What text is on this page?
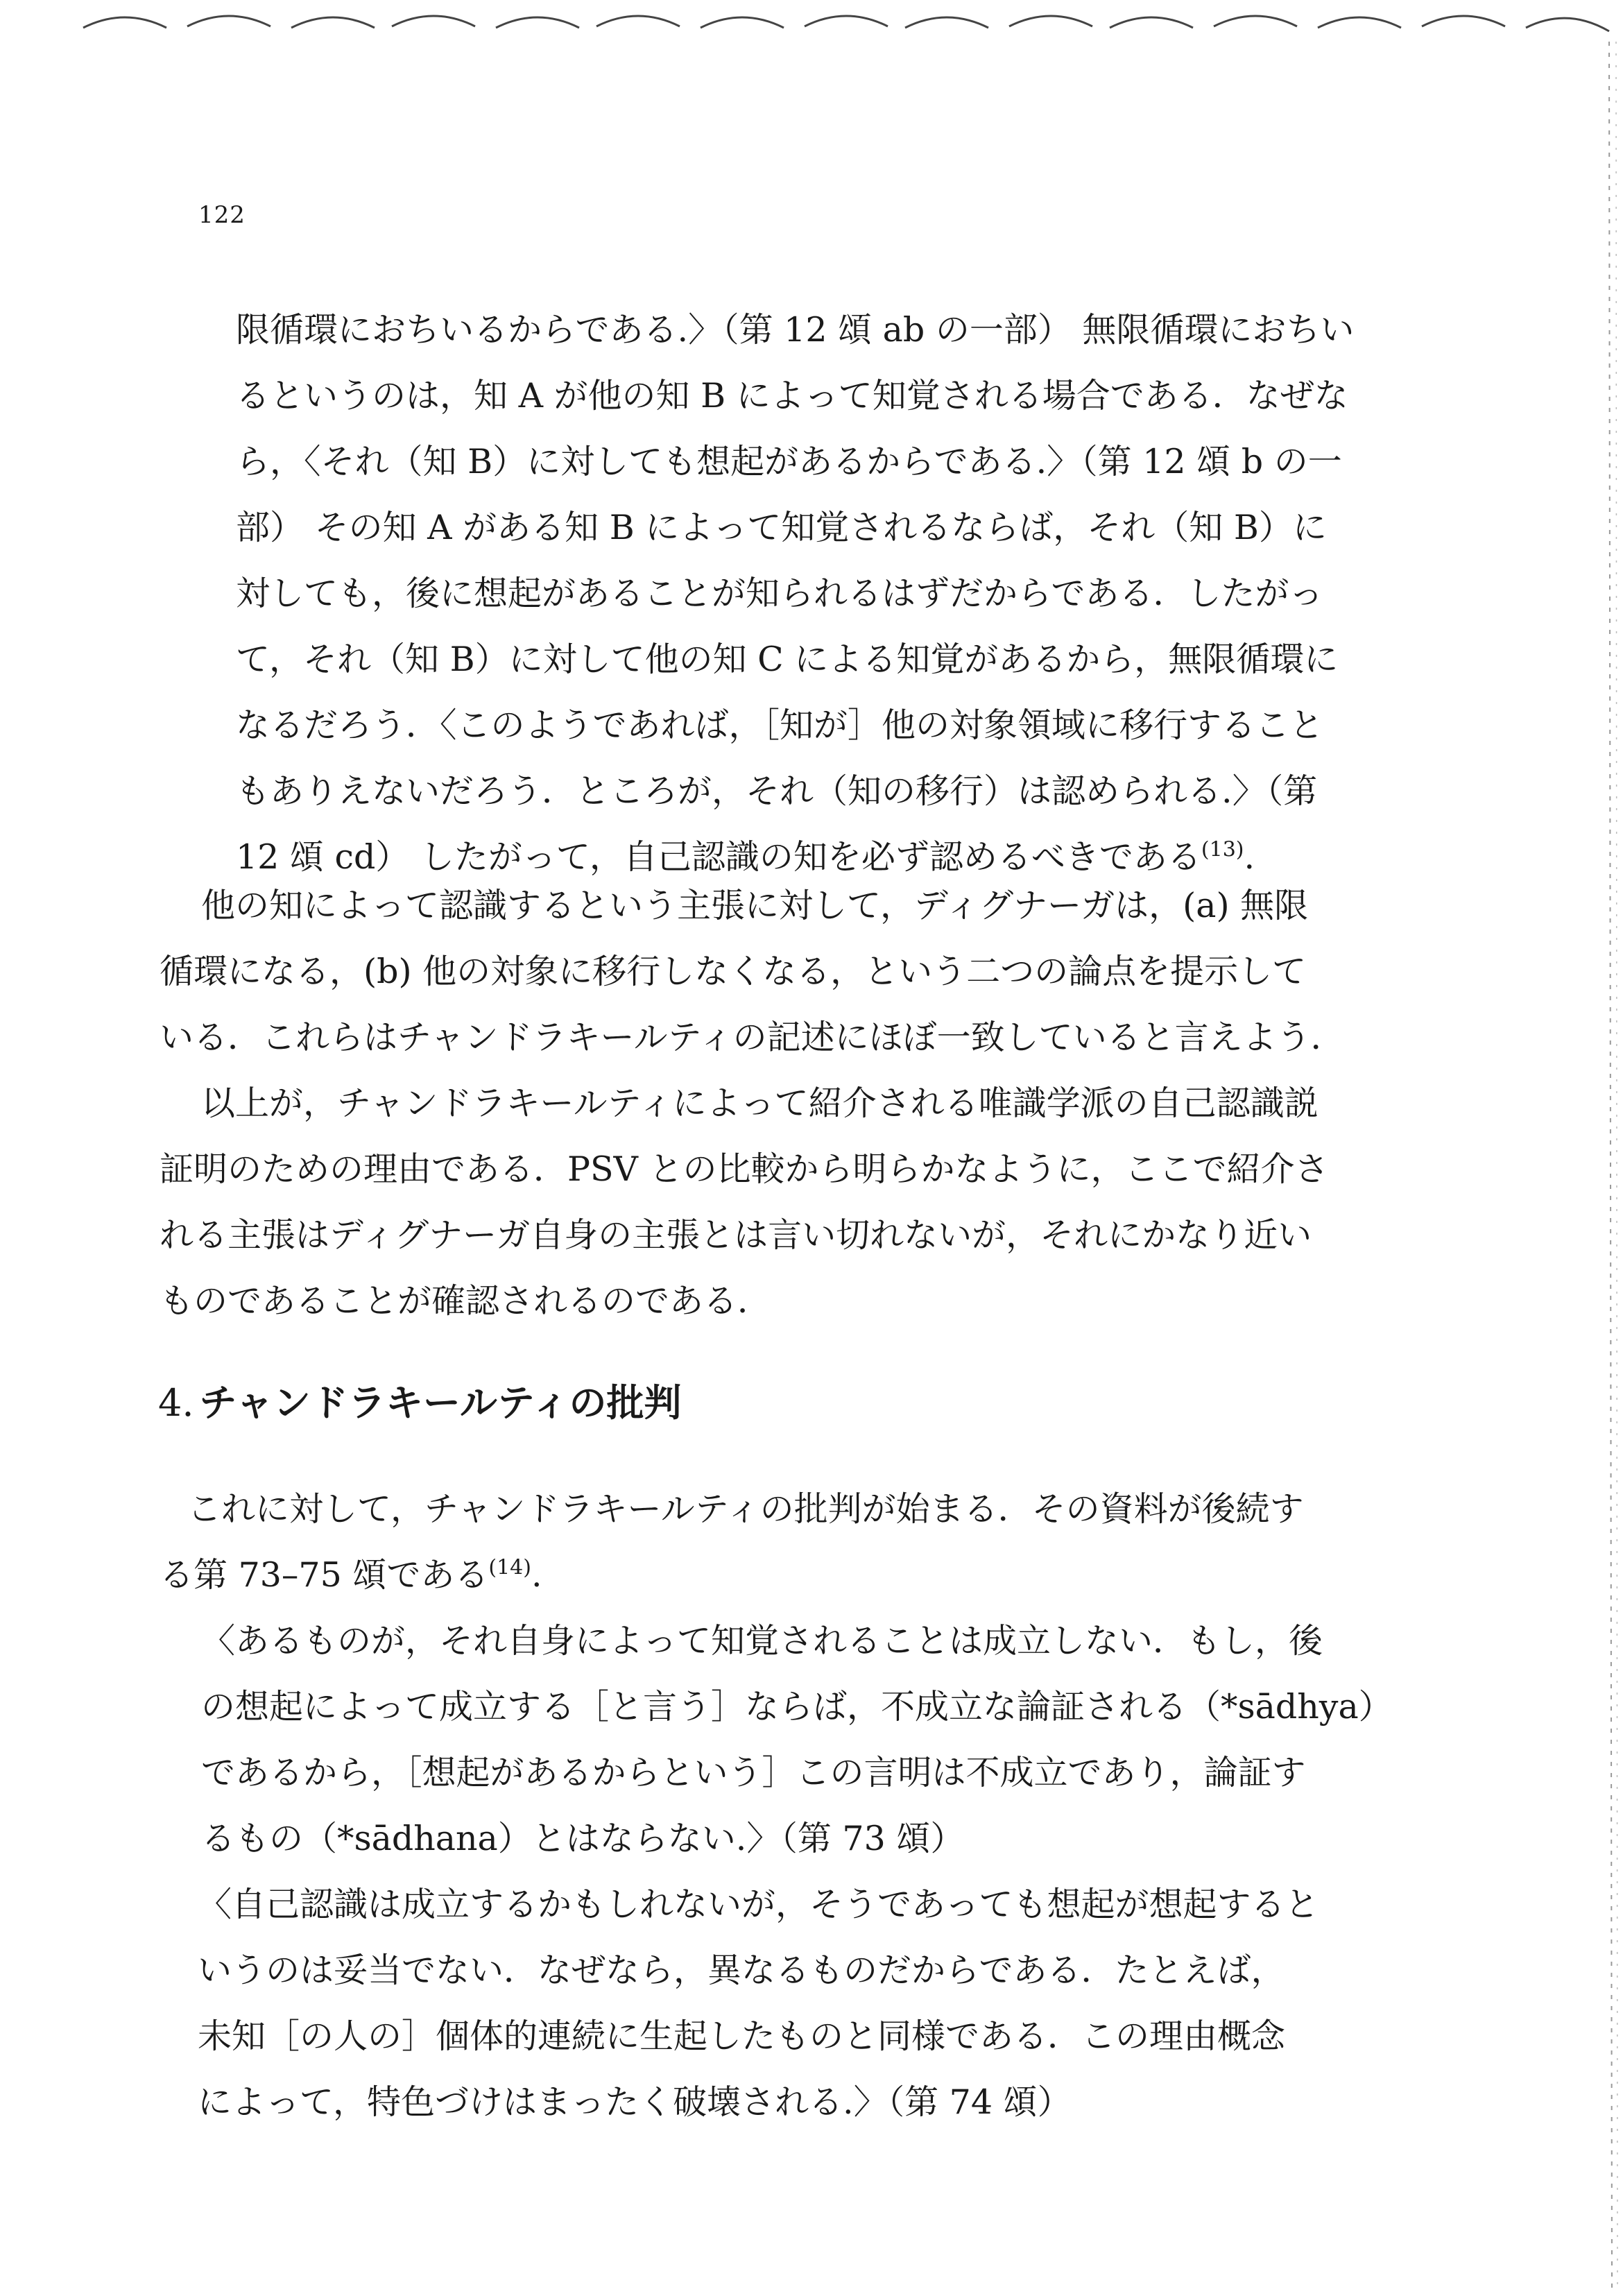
122
限循環におちいるからである.〉（第 12 頌 ab の一部） 無限循環におちい
るというのは，知 A が他の知 B によって知覚される場合である．なぜな
ら，〈それ（知 B）に対しても想起があるからである.〉（第 12 頌 b の一
部） その知 A がある知 B によって知覚されるならば，それ（知 B）に
対しても，後に想起があることが知られるはずだからである．したがっ
て，それ（知 B）に対して他の知 C による知覚があるから，無限循環に
なるだろう．〈このようであれば，［知が］他の対象領域に移行すること
もありえないだろう．ところが，それ（知の移行）は認められる.〉（第
12 頌 cd） したがって，自己認識の知を必ず認めるべきである$^{(13)}$.
他の知によって認識するという主張に対して，ディグナーガは，(a) 無限
循環になる，(b) 他の対象に移行しなくなる，という二つの論点を提示して
いる．これらはチャンドラキールティの記述にほぼ一致していると言えよう．
以上が，チャンドラキールティによって紹介される唯識学派の自己認識説
証明のための理由である．PSV との比較から明らかなように，ここで紹介さ
れる主張はディグナーガ自身の主張とは言い切れないが，それにかなり近い
ものであることが確認されるのである．
4. チャンドラキールティの批判
これに対して，チャンドラキールティの批判が始まる．その資料が後続す
る第 73–75 頌である$^{(14)}$.
〈あるものが，それ自身によって知覚されることは成立しない．もし，後
の想起によって成立する［と言う］ならば，不成立な論証される（*sādhya）
であるから，［想起があるからという］この言明は不成立であり，論証す
るもの（*sādhana）とはならない.〉（第 73 頌）
〈自己認識は成立するかもしれないが，そうであっても想起が想起すると
いうのは妥当でない．なぜなら，異なるものだからである．たとえば，
未知［の人の］個体的連続に生起したものと同様である．この理由概念
によって，特色づけはまったく破壊される.〉（第 74 頌）
